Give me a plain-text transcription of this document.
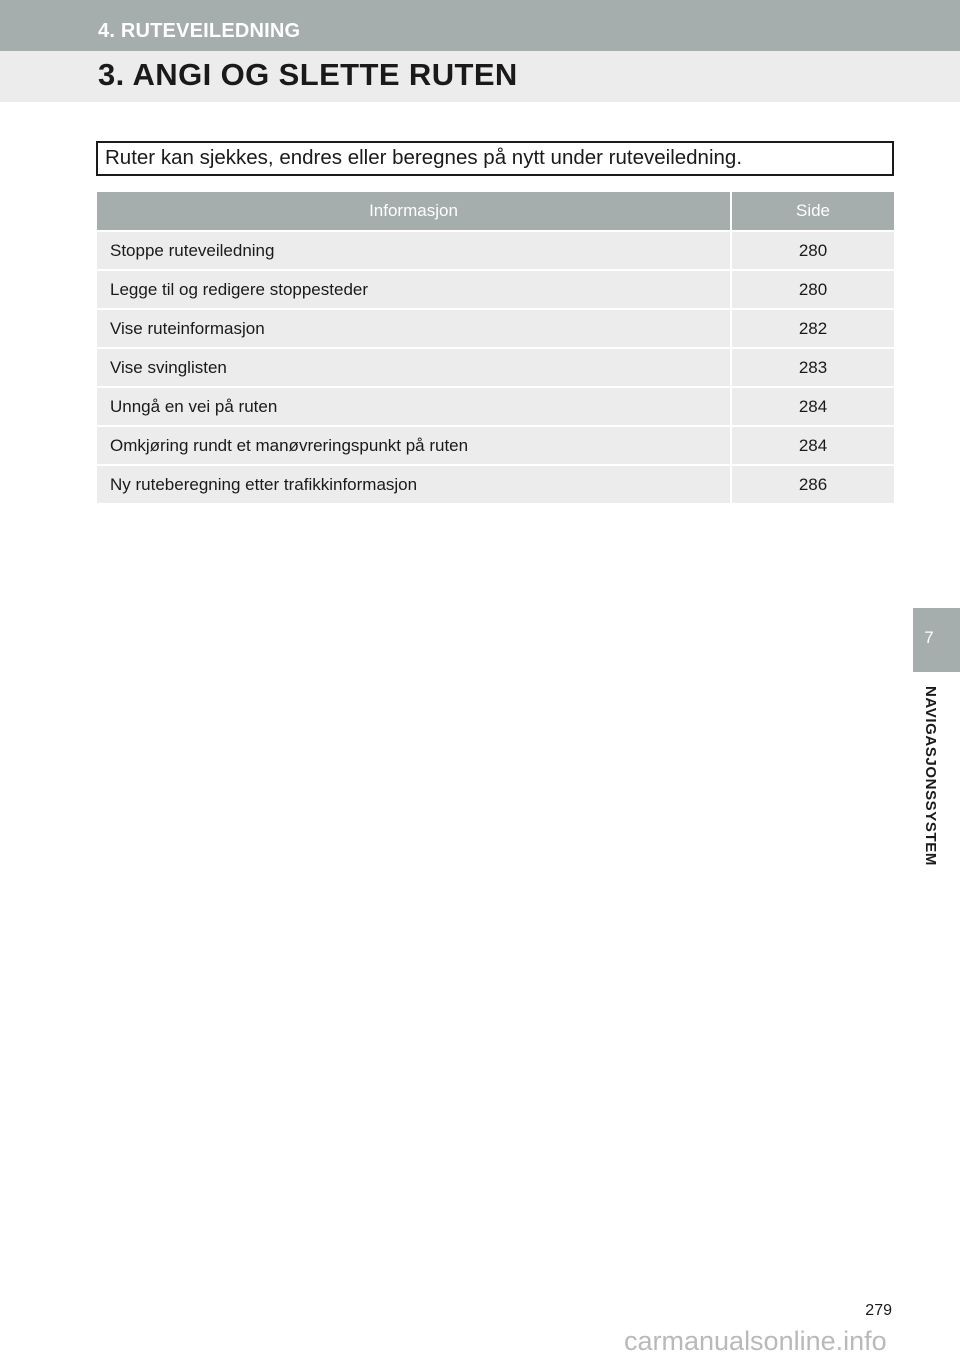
4. RUTEVEILEDNING
3. ANGI OG SLETTE RUTEN
Ruter kan sjekkes, endres eller beregnes på nytt under ruteveiledning.
Informasjon	Side
Stoppe ruteveiledning	280
Legge til og redigere stoppesteder	280
Vise ruteinformasjon	282
Vise svinglisten	283
Unngå en vei på ruten	284
Omkjøring rundt et manøvreringspunkt på ruten	284
Ny ruteberegning etter trafikkinformasjon	286
7
NAVIGASJONSSYSTEM
279
carmanualsonline.info
